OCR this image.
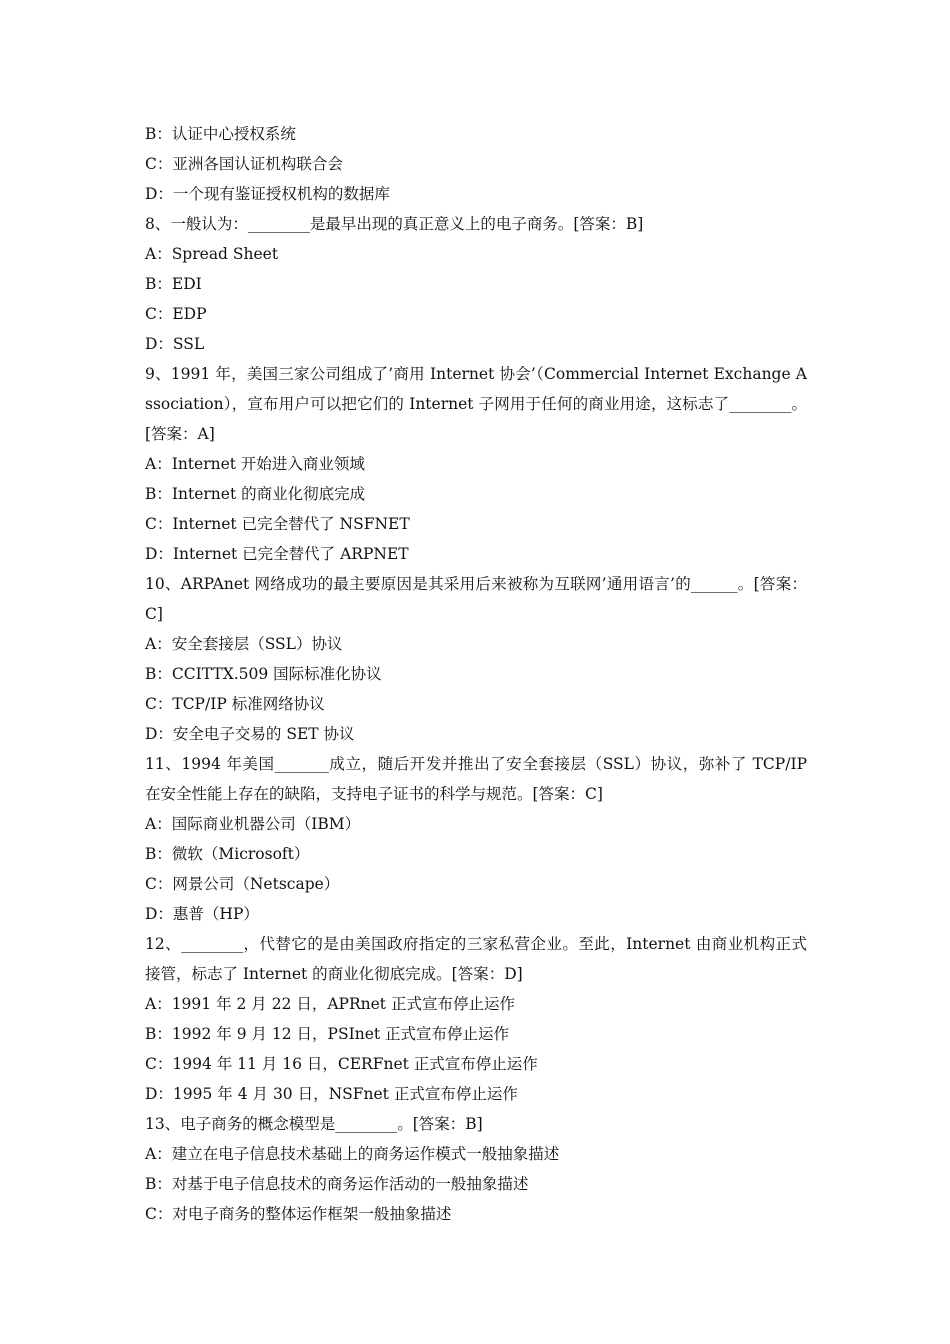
B：认证中心授权系统
C：亚洲各国认证机构联合会
D：一个现有鉴证授权机构的数据库
8、一般认为：________是最早出现的真正意义上的电子商务。[答案：B]
A：Spread Sheet
B：EDI
C：EDP
D：SSL
9、1991 年，美国三家公司组成了’商用 Internet 协会’（Commercial Internet Exchange Association），宣布用户可以把它们的 Internet 子网用于任何的商业用途，这标志了________。[答案：A]
A：Internet 开始进入商业领域
B：Internet 的商业化彻底完成
C：Internet 已完全替代了 NSFNET
D：Internet 已完全替代了 ARPNET
10、ARPAnet 网络成功的最主要原因是其采用后来被称为互联网’通用语言’的______。[答案：C]
A：安全套接层（SSL）协议
B：CCITTX.509 国际标准化协议
C：TCP/IP 标准网络协议
D：安全电子交易的 SET 协议
11、1994 年美国_______成立，随后开发并推出了安全套接层（SSL）协议，弥补了 TCP/IP 在安全性能上存在的缺陷，支持电子证书的科学与规范。[答案：C]
A：国际商业机器公司（IBM）
B：微软（Microsoft）
C：网景公司（Netscape）
D：惠普（HP）
12、________，代替它的是由美国政府指定的三家私营企业。至此，Internet 由商业机构正式接管，标志了 Internet 的商业化彻底完成。[答案：D]
A：1991 年 2 月 22 日，APRnet 正式宣布停止运作
B：1992 年 9 月 12 日，PSInet 正式宣布停止运作
C：1994 年 11 月 16 日，CERFnet 正式宣布停止运作
D：1995 年 4 月 30 日，NSFnet 正式宣布停止运作
13、电子商务的概念模型是________。[答案：B]
A：建立在电子信息技术基础上的商务运作模式一般抽象描述
B：对基于电子信息技术的商务运作活动的一般抽象描述
C：对电子商务的整体运作框架一般抽象描述
